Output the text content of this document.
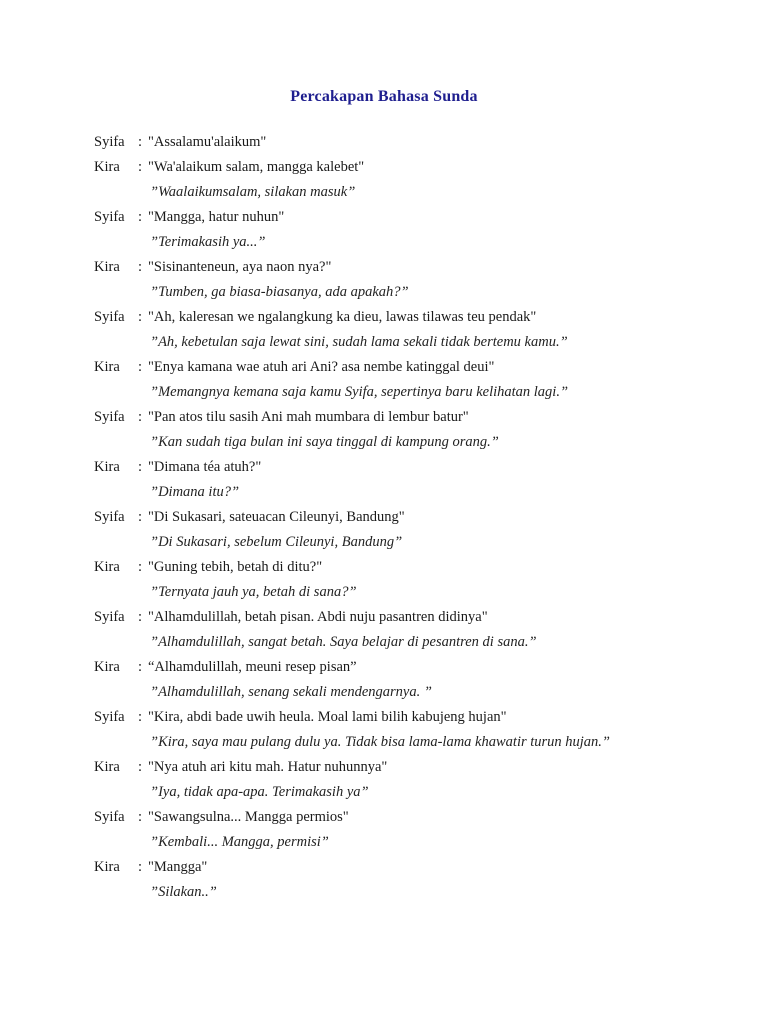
Percakapan Bahasa Sunda
Syifa : "Assalamu'alaikum"
Kira	: "Wa'alaikum salam, mangga kalebet"
”Waalaikumsalam, silakan masuk”
Syifa : "Mangga, hatur nuhun"
”Terimakasih ya...”
Kira	: "Sisinanteneun, aya naon nya?"
”Tumben, ga biasa-biasanya, ada apakah?”
Syifa : "Ah, kaleresan we ngalangkung ka dieu, lawas tilawas teu pendak"
”Ah, kebetulan saja lewat sini, sudah lama sekali tidak bertemu kamu.”
Kira	: "Enya kamana wae atuh ari Ani? asa nembe katinggal deui"
”Memangnya kemana saja kamu Syifa, sepertinya baru kelihatan lagi.”
Syifa : "Pan atos tilu sasih Ani mah mumbara di lembur batur"
”Kan sudah tiga bulan ini saya tinggal di kampung orang.”
Kira	: "Dimana téa atuh?"
”Dimana itu?”
Syifa : "Di Sukasari, sateuacan Cileunyi, Bandung"
”Di Sukasari, sebelum Cileunyi, Bandung”
Kira	: "Guning tebih, betah di ditu?"
”Ternyata jauh ya, betah di sana?”
Syifa : "Alhamdulillah, betah pisan. Abdi nuju pasantren didinya"
”Alhamdulillah, sangat betah. Saya belajar di pesantren di sana.”
Kira	: “Alhamdulillah, meuni resep pisan”
”Alhamdulillah, senang sekali mendengarnya. ”
Syifa : "Kira, abdi bade uwih heula. Moal lami bilih kabujeng hujan"
”Kira, saya mau pulang dulu ya. Tidak bisa lama-lama khawatir turun hujan.”
Kira	: "Nya atuh ari kitu mah. Hatur nuhunnya"
”Iya, tidak apa-apa. Terimakasih ya”
Syifa : "Sawangsulna... Mangga permios"
”Kembali... Mangga, permisi”
Kira	: "Mangga"
”Silakan..”
